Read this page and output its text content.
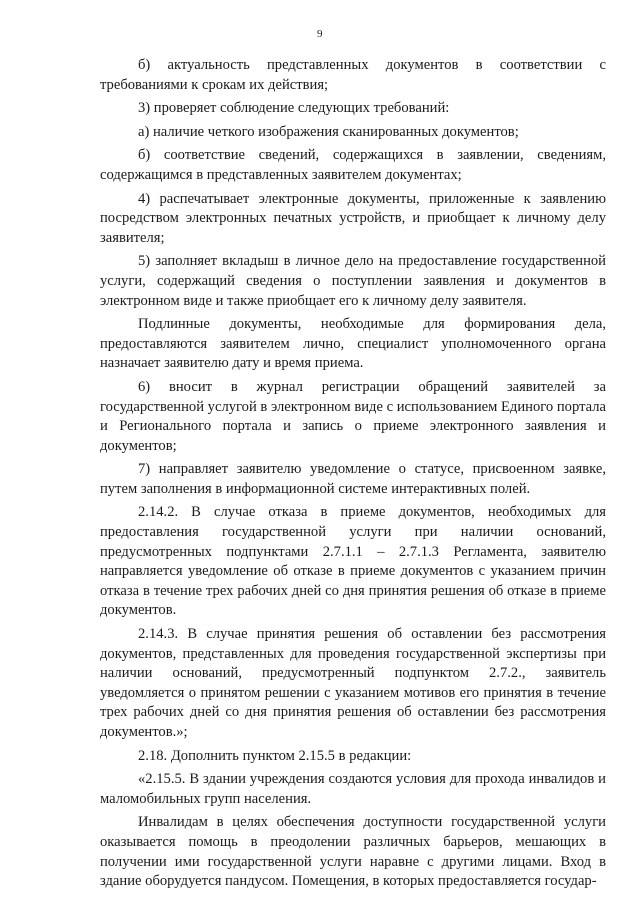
9

б) актуальность представленных документов в соответствии с требованиями к срокам их действия;

3) проверяет соблюдение следующих требований:

а) наличие четкого изображения сканированных документов;

б) соответствие сведений, содержащихся в заявлении, сведениям, содержащимся в представленных заявителем документах;

4) распечатывает электронные документы, приложенные к заявлению посредством электронных печатных устройств, и приобщает к личному делу заявителя;

5) заполняет вкладыш в личное дело на предоставление государственной услуги, содержащий сведения о поступлении заявления и документов в электронном виде и также приобщает его к личному делу заявителя.

Подлинные документы, необходимые для формирования дела, предоставляются заявителем лично, специалист уполномоченного органа назначает заявителю дату и время приема.

6) вносит в журнал регистрации обращений заявителей за государственной услугой в электронном виде с использованием Единого портала и Регионального портала и запись о приеме электронного заявления и документов;

7) направляет заявителю уведомление о статусе, присвоенном заявке, путем заполнения в информационной системе интерактивных полей.

2.14.2. В случае отказа в приеме документов, необходимых для предоставления государственной услуги при наличии оснований, предусмотренных подпунктами 2.7.1.1 – 2.7.1.3 Регламента, заявителю направляется уведомление об отказе в приеме документов с указанием причин отказа в течение трех рабочих дней со дня принятия решения об отказе в приеме документов.

2.14.3. В случае принятия решения об оставлении без рассмотрения документов, представленных для проведения государственной экспертизы при наличии оснований, предусмотренный подпунктом 2.7.2., заявитель уведомляется о принятом решении с указанием мотивов его принятия в течение трех рабочих дней со дня принятия решения об оставлении без рассмотрения документов.»;

2.18. Дополнить пунктом 2.15.5 в редакции:

«2.15.5. В здании учреждения создаются условия для прохода инвалидов и маломобильных групп населения.

Инвалидам в целях обеспечения доступности государственной услуги оказывается помощь в преодолении различных барьеров, мешающих в получении ими государственной услуги наравне с другими лицами. Вход в здание оборудуется пандусом. Помещения, в которых предоставляется государ-
